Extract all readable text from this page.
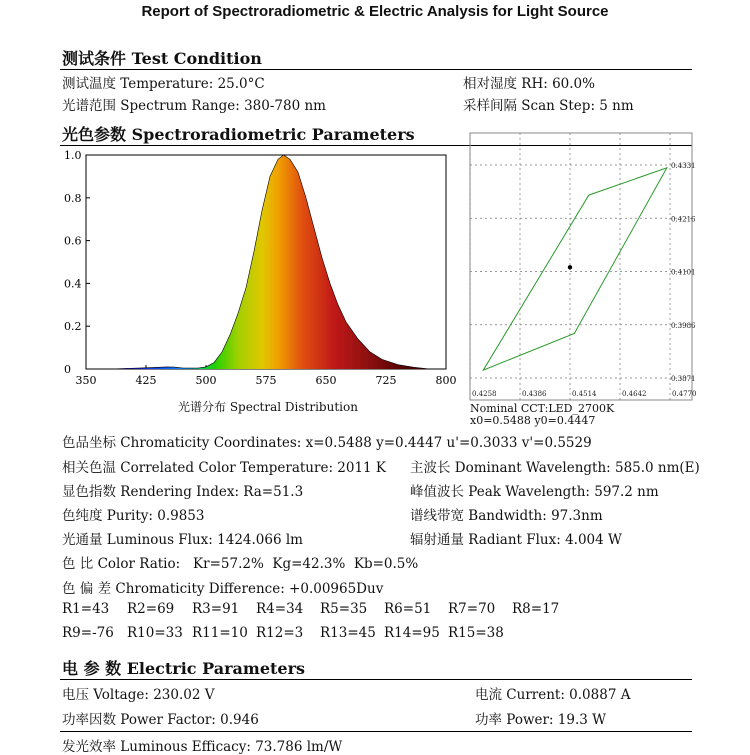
Report of Spectroradiometric & Electric Analysis for Light Source
测试条件 Test Condition
测试温度 Temperature: 25.0°C	相对湿度 RH: 60.0%
光谱范围 Spectrum Range: 380-780 nm	采样间隔 Scan Step: 5 nm
光色参数 Spectroradiometric Parameters
0
0.2
0.4
0.6
0.8
1.0
350	425	500	575	650	725	800
光谱分布 Spectral Distribution
0.4258	0.4386	0.4514	0.4642	0.4770
0.4331
0.4216
0.4101
0.3986
0.3871
Nominal CCT:LED_2700K
x0=0.5488 y0=0.4447
色品坐标 Chromaticity Coordinates: x=0.5488 y=0.4447 u'=0.3033 v'=0.5529
相关色温 Correlated Color Temperature: 2011 K 主波长 Dominant Wavelength: 585.0 nm(E)
显色指数 Rendering Index: Ra=51.3	峰值波长 Peak Wavelength: 597.2 nm
色纯度 Purity: 0.9853	谱线带宽 Bandwidth: 97.3nm
光通量 Luminous Flux: 1424.066 lm	辐射通量 Radiant Flux: 4.004 W
色 比 Color Ratio:   Kr=57.2%  Kg=42.3%  Kb=0.5%
色 偏 差 Chromaticity Difference: +0.00965Duv
R1=43 R2=69 R3=91 R4=34 R5=35 R6=51 R7=70 R8=17
R9=-76 R10=33 R11=10 R12=3 R13=45 R14=95 R15=38
电 参 数 Electric Parameters
电压 Voltage: 230.02 V	电流 Current: 0.0887 A
功率因数 Power Factor: 0.946	功率 Power: 19.3 W
发光效率 Luminous Efficacy: 73.786 lm/W
